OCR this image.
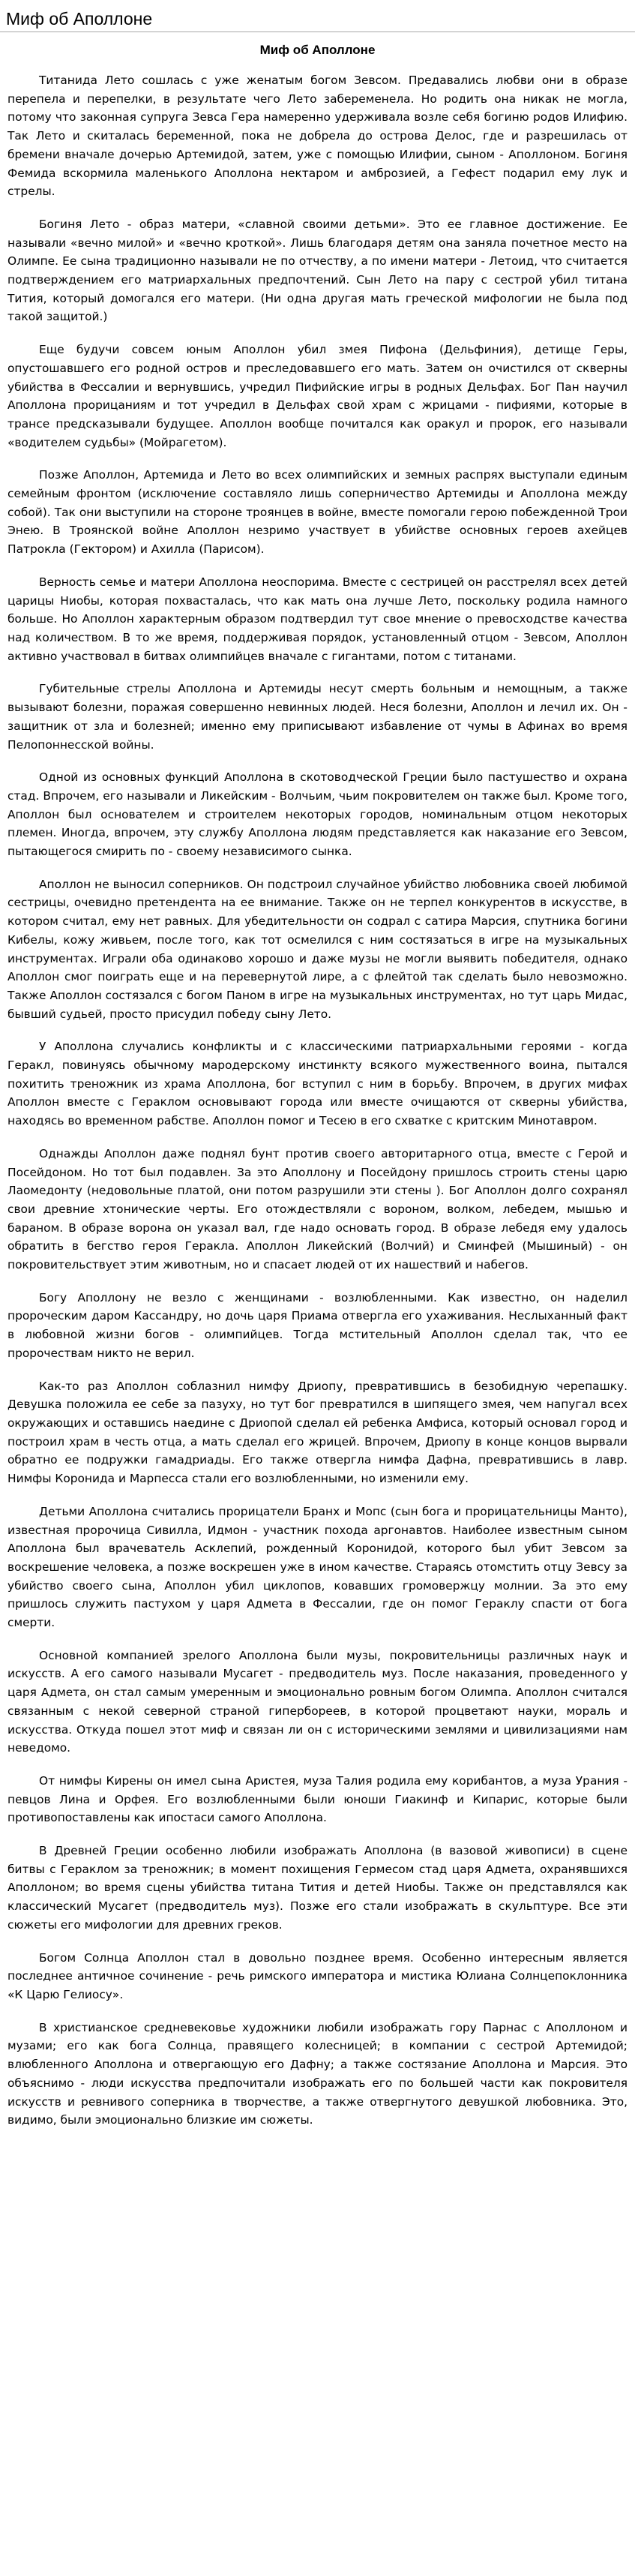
Миф об Аполлоне
Миф об Аполлоне

Титанида Лето сошлась с уже женатым богом Зевсом. Предавались любви они в образе перепела и перепелки, в результате чего Лето забеременела. Но родить она никак не могла, потому что законная супруга Зевса Гера намеренно удерживала возле себя богиню родов Илифию. Так Лето и скиталась беременной, пока не добрела до острова Делос, где и разрешилась от бремени вначале дочерью Артемидой, затем, уже с помощью Илифии, сыном - Аполлоном. Богиня Фемида вскормила маленького Аполлона нектаром и амброзией, а Гефест подарил ему лук и стрелы.

Богиня Лето - образ матери, «славной своими детьми». Это ее главное достижение. Ее называли «вечно милой» и «вечно кроткой». Лишь благодаря детям она заняла почетное место на Олимпе. Ее сына традиционно называли не по отчеству, а по имени матери - Летоид, что считается подтверждением его матриархальных предпочтений. Сын Лето на пару с сестрой убил титана Тития, который домогался его матери. (Ни одна другая мать греческой мифологии не была под такой защитой.)

Еще будучи совсем юным Аполлон убил змея Пифона (Дельфиния), детище Геры, опустошавшего его родной остров и преследовавшего его мать. Затем он очистился от скверны убийства в Фессалии и вернувшись, учредил Пифийские игры в родных Дельфах. Бог Пан научил Аполлона прорицаниям и тот учредил в Дельфах свой храм с жрицами - пифиями, которые в трансе предсказывали будущее. Аполлон вообще почитался как оракул и пророк, его называли «водителем судьбы» (Мойрагетом).

Позже Аполлон, Артемида и Лето во всех олимпийских и земных распрях выступали единым семейным фронтом (исключение составляло лишь соперничество Артемиды и Аполлона между собой). Так они выступили на стороне троянцев в войне, вместе помогали герою побежденной Трои Энею. В Троянской войне Аполлон незримо участвует в убийстве основных героев ахейцев Патрокла (Гектором) и Ахилла (Парисом).

Верность семье и матери Аполлона неоспорима. Вместе с сестрицей он расстрелял всех детей царицы Ниобы, которая похвасталась, что как мать она лучше Лето, поскольку родила намного больше. Но Аполлон характерным образом подтвердил тут свое мнение о превосходстве качества над количеством. В то же время, поддерживая порядок, установленный отцом - Зевсом, Аполлон активно участвовал в битвах олимпийцев вначале с гигантами, потом с титанами.

Губительные стрелы Аполлона и Артемиды несут смерть больным и немощным, а также вызывают болезни, поражая совершенно невинных людей. Неся болезни, Аполлон и лечил их. Он - защитник от зла и болезней; именно ему приписывают избавление от чумы в Афинах во время Пелопоннесской войны.

Одной из основных функций Аполлона в скотоводческой Греции было пастушество и охрана стад. Впрочем, его называли и Ликейским - Волчьим, чьим покровителем он также был. Кроме того, Аполлон был основателем и строителем некоторых городов, номинальным отцом некоторых племен. Иногда, впрочем, эту службу Аполлона людям представляется как наказание его Зевсом, пытающегося смирить по - своему независимого сынка.

Аполлон не выносил соперников. Он подстроил случайное убийство любовника своей любимой сестрицы, очевидно претендента на ее внимание. Также он не терпел конкурентов в искусстве, в котором считал, ему нет равных. Для убедительности он содрал с сатира Марсия, спутника богини Кибелы, кожу живьем, после того, как тот осмелился с ним состязаться в игре на музыкальных инструментах. Играли оба одинаково хорошо и даже музы не могли выявить победителя, однако Аполлон смог поиграть еще и на перевернутой лире, а с флейтой так сделать было невозможно. Также Аполлон состязался с богом Паном в игре на музыкальных инструментах, но тут царь Мидас, бывший судьей, просто присудил победу сыну Лето.

У Аполлона случались конфликты и с классическими патриархальными героями - когда Геракл, повинуясь обычному мародерскому инстинкту всякого мужественного воина, пытался похитить треножник из храма Аполлона, бог вступил с ним в борьбу. Впрочем, в других мифах Аполлон вместе с Гераклом основывают города или вместе очищаются от скверны убийства, находясь во временном рабстве. Аполлон помог и Тесею в его схватке с критским Минотавром.

Однажды Аполлон даже поднял бунт против своего авторитарного отца, вместе с Герой и Посейдоном. Но тот был подавлен. За это Аполлону и Посейдону пришлось строить стены царю Лаомедонту (недовольные платой, они потом разрушили эти стены ). Бог Аполлон долго сохранял свои древние хтонические черты. Его отождествляли с вороном, волком, лебедем, мышью и бараном. В образе ворона он указал вал, где надо основать город. В образе лебедя ему удалось обратить в бегство героя Геракла. Аполлон Ликейский (Волчий) и Сминфей (Мышиный) - он покровительствует этим животным, но и спасает людей от их нашествий и набегов.

Богу Аполлону не везло с женщинами - возлюбленными. Как известно, он наделил пророческим даром Кассандру, но дочь царя Приама отвергла его ухаживания. Неслыханный факт в любовной жизни богов - олимпийцев. Тогда мстительный Аполлон сделал так, что ее пророчествам никто не верил.

Как-то раз Аполлон соблазнил нимфу Дриопу, превратившись в безобидную черепашку. Девушка положила ее себе за пазуху, но тут бог превратился в шипящего змея, чем напугал всех окружающих и оставшись наедине с Дриопой сделал ей ребенка Амфиса, который основал город и построил храм в честь отца, а мать сделал его жрицей. Впрочем, Дриопу в конце концов вырвали обратно ее подружки гамадриады. Его также отвергла нимфа Дафна, превратившись в лавр. Нимфы Коронида и Марпесса стали его возлюбленными, но изменили ему.

Детьми Аполлона считались прорицатели Бранх и Мопс (сын бога и прорицательницы Манто), известная пророчица Сивилла, Идмон - участник похода аргонавтов. Наиболее известным сыном Аполлона был врачеватель Асклепий, рожденный Коронидой, которого был убит Зевсом за воскрешение человека, а позже воскрешен уже в ином качестве. Стараясь отомстить отцу Зевсу за убийство своего сына, Аполлон убил циклопов, ковавших громовержцу молнии. За это ему пришлось служить пастухом у царя Адмета в Фессалии, где он помог Гераклу спасти от бога смерти.

Основной компанией зрелого Аполлона были музы, покровительницы различных наук и искусств. А его самого называли Мусагет - предводитель муз. После наказания, проведенного у царя Адмета, он стал самым умеренным и эмоционально ровным богом Олимпа. Аполлон считался связанным с некой северной страной гипербореев, в которой процветают науки, мораль и искусства. Откуда пошел этот миф и связан ли он с историческими землями и цивилизациями нам неведомо.

От нимфы Кирены он имел сына Аристея, муза Талия родила ему корибантов, а муза Урания - певцов Лина и Орфея. Его возлюбленными были юноши Гиакинф и Кипарис, которые были противопоставлены как ипостаси самого Аполлона.

В Древней Греции особенно любили изображать Аполлона (в вазовой живописи) в сцене битвы с Гераклом за треножник; в момент похищения Гермесом стад царя Адмета, охранявшихся Аполлоном; во время сцены убийства титана Тития и детей Ниобы. Также он представлялся как классический Мусагет (предводитель муз). Позже его стали изображать в скульптуре. Все эти сюжеты его мифологии для древних греков.

Богом Солнца Аполлон стал в довольно позднее время. Особенно интересным является последнее античное сочинение - речь римского императора и мистика Юлиана Солнцепоклонника «К Царю Гелиосу».

В христианское средневековье художники любили изображать гору Парнас с Аполлоном и музами; его как бога Солнца, правящего колесницей; в компании с сестрой Артемидой; влюбленного Аполлона и отвергающую его Дафну; а также состязание Аполлона и Марсия. Это объяснимо - люди искусства предпочитали изображать его по большей части как покровителя искусств и ревнивого соперника в творчестве, а также отвергнутого девушкой любовника. Это, видимо, были эмоционально близкие им сюжеты.
